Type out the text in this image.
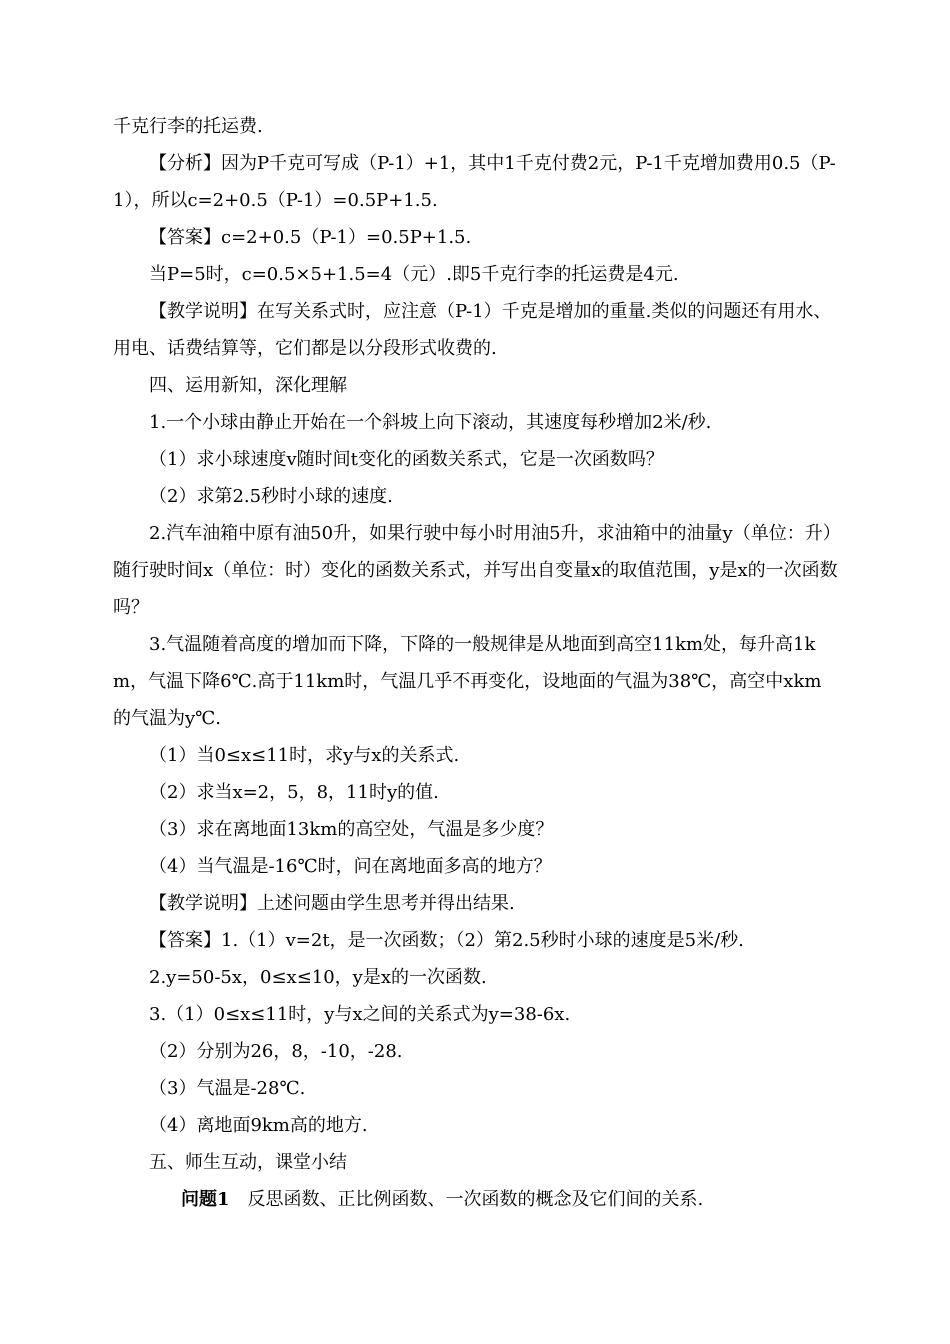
千克行李的托运费.

【分析】因为P千克可写成（P-1）+1，其中1千克付费2元，P-1千克增加费用0.5（P-1），所以c=2+0.5（P-1）=0.5P+1.5.

【答案】c=2+0.5（P-1）=0.5P+1.5.

当P=5时，c=0.5×5+1.5=4（元）.即5千克行李的托运费是4元.

【教学说明】在写关系式时，应注意（P-1）千克是增加的重量.类似的问题还有用水、用电、话费结算等，它们都是以分段形式收费的.

四、运用新知，深化理解

1.一个小球由静止开始在一个斜坡上向下滚动，其速度每秒增加2米/秒.

（1）求小球速度v随时间t变化的函数关系式，它是一次函数吗？

（2）求第2.5秒时小球的速度.

2.汽车油箱中原有油50升，如果行驶中每小时用油5升，求油箱中的油量y（单位：升）随行驶时间x（单位：时）变化的函数关系式，并写出自变量x的取值范围，y是x的一次函数吗？

3.气温随着高度的增加而下降，下降的一般规律是从地面到高空11km处，每升高1km，气温下降6℃.高于11km时，气温几乎不再变化，设地面的气温为38℃，高空中xkm的气温为y℃.

（1）当0≤x≤11时，求y与x的关系式.

（2）求当x=2，5，8，11时y的值.

（3）求在离地面13km的高空处，气温是多少度？

（4）当气温是-16℃时，问在离地面多高的地方？

【教学说明】上述问题由学生思考并得出结果.

【答案】1.（1）v=2t，是一次函数；（2）第2.5秒时小球的速度是5米/秒.

2.y=50-5x，0≤x≤10，y是x的一次函数.

3.（1）0≤x≤11时，y与x之间的关系式为y=38-6x.

（2）分别为26，8，-10，-28.

（3）气温是-28℃.

（4）离地面9km高的地方.

五、师生互动，课堂小结

问题1  反思函数、正比例函数、一次函数的概念及它们间的关系.
